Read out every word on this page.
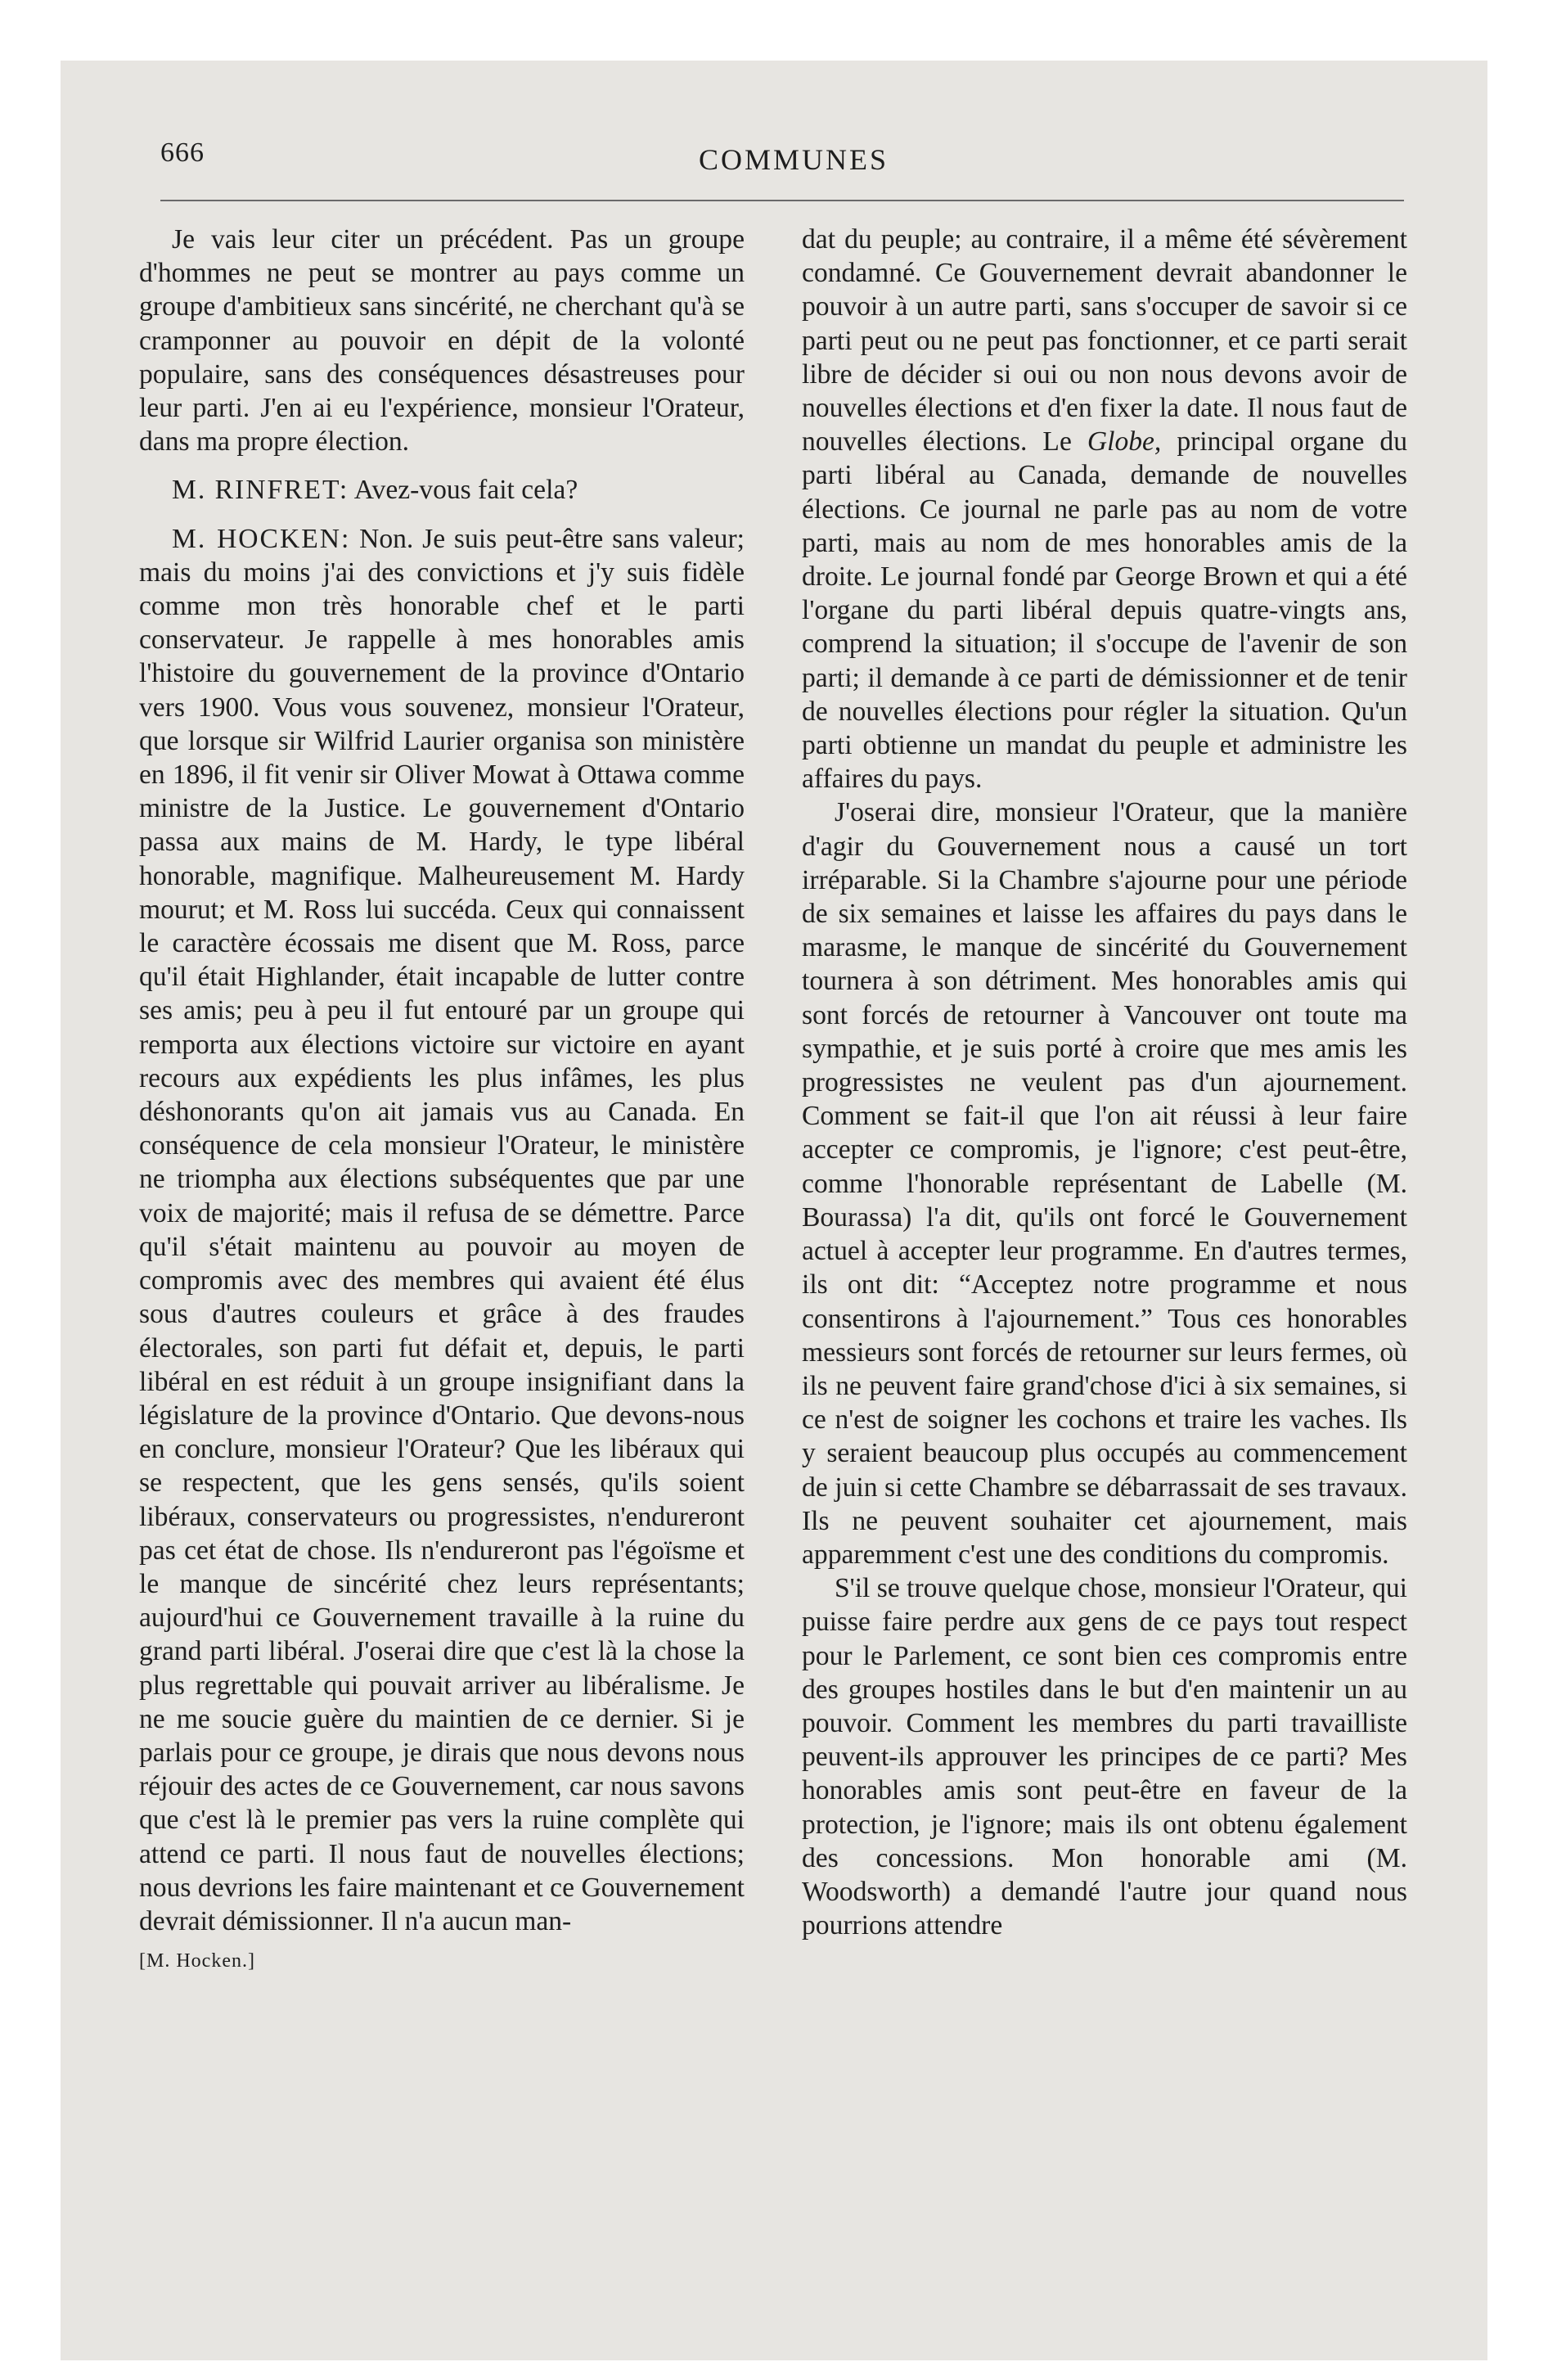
666	COMMUNES

Je vais leur citer un précédent. Pas un groupe d'hommes ne peut se montrer au pays comme un groupe d'ambitieux sans sincérité, ne cherchant qu'à se cramponner au pouvoir en dépit de la volonté populaire, sans des conséquences désastreuses pour leur parti. J'en ai eu l'expérience, monsieur l'Orateur, dans ma propre élection.

M. RINFRET: Avez-vous fait cela?

M. HOCKEN: Non. Je suis peut-être sans valeur; mais du moins j'ai des convictions et j'y suis fidèle comme mon très honorable chef et le parti conservateur. Je rappelle à mes honorables amis l'histoire du gouvernement de la province d'Ontario vers 1900. Vous vous souvenez, monsieur l'Orateur, que lorsque sir Wilfrid Laurier organisa son ministère en 1896, il fit venir sir Oliver Mowat à Ottawa comme ministre de la Justice. Le gouvernement d'Ontario passa aux mains de M. Hardy, le type libéral honorable, magnifique. Malheureusement M. Hardy mourut; et M. Ross lui succéda. Ceux qui connaissent le caractère écossais me disent que M. Ross, parce qu'il était Highlander, était incapable de lutter contre ses amis; peu à peu il fut entouré par un groupe qui remporta aux élections victoire sur victoire en ayant recours aux expédients les plus infâmes, les plus déshonorants qu'on ait jamais vus au Canada. En conséquence de cela monsieur l'Orateur, le ministère ne triompha aux élections subséquentes que par une voix de majorité; mais il refusa de se démettre. Parce qu'il s'était maintenu au pouvoir au moyen de compromis avec des membres qui avaient été élus sous d'autres couleurs et grâce à des fraudes électorales, son parti fut défait et, depuis, le parti libéral en est réduit à un groupe insignifiant dans la législature de la province d'Ontario. Que devons-nous en conclure, monsieur l'Orateur? Que les libéraux qui se respectent, que les gens sensés, qu'ils soient libéraux, conservateurs ou progressistes, n'endureront pas cet état de chose. Ils n'endureront pas l'égoïsme et le manque de sincérité chez leurs représentants; aujourd'hui ce Gouvernement travaille à la ruine du grand parti libéral. J'oserai dire que c'est là la chose la plus regrettable qui pouvait arriver au libéralisme. Je ne me soucie guère du maintien de ce dernier. Si je parlais pour ce groupe, je dirais que nous devons nous réjouir des actes de ce Gouvernement, car nous savons que c'est là le premier pas vers la ruine complète qui attend ce parti. Il nous faut de nouvelles élections; nous devrions les faire maintenant et ce Gouvernement devrait démissionner. Il n'a aucun man-

[M. Hocken.]

dat du peuple; au contraire, il a même été sévèrement condamné. Ce Gouvernement devrait abandonner le pouvoir à un autre parti, sans s'occuper de savoir si ce parti peut ou ne peut pas fonctionner, et ce parti serait libre de décider si oui ou non nous devons avoir de nouvelles élections et d'en fixer la date. Il nous faut de nouvelles élections. Le Globe, principal organe du parti libéral au Canada, demande de nouvelles élections. Ce journal ne parle pas au nom de votre parti, mais au nom de mes honorables amis de la droite. Le journal fondé par George Brown et qui a été l'organe du parti libéral depuis quatre-vingts ans, comprend la situation; il s'occupe de l'avenir de son parti; il demande à ce parti de démissionner et de tenir de nouvelles élections pour régler la situation. Qu'un parti obtienne un mandat du peuple et administre les affaires du pays.

J'oserai dire, monsieur l'Orateur, que la manière d'agir du Gouvernement nous a causé un tort irréparable. Si la Chambre s'ajourne pour une période de six semaines et laisse les affaires du pays dans le marasme, le manque de sincérité du Gouvernement tournera à son détriment. Mes honorables amis qui sont forcés de retourner à Vancouver ont toute ma sympathie, et je suis porté à croire que mes amis les progressistes ne veulent pas d'un ajournement. Comment se fait-il que l'on ait réussi à leur faire accepter ce compromis, je l'ignore; c'est peut-être, comme l'honorable représentant de Labelle (M. Bourassa) l'a dit, qu'ils ont forcé le Gouvernement actuel à accepter leur programme. En d'autres termes, ils ont dit: “Acceptez notre programme et nous consentirons à l'ajournement.” Tous ces honorables messieurs sont forcés de retourner sur leurs fermes, où ils ne peuvent faire grand'chose d'ici à six semaines, si ce n'est de soigner les cochons et traire les vaches. Ils y seraient beaucoup plus occupés au commencement de juin si cette Chambre se débarrassait de ses travaux. Ils ne peuvent souhaiter cet ajournement, mais apparemment c'est une des conditions du compromis.

S'il se trouve quelque chose, monsieur l'Orateur, qui puisse faire perdre aux gens de ce pays tout respect pour le Parlement, ce sont bien ces compromis entre des groupes hostiles dans le but d'en maintenir un au pouvoir. Comment les membres du parti travailliste peuvent-ils approuver les principes de ce parti? Mes honorables amis sont peut-être en faveur de la protection, je l'ignore; mais ils ont obtenu également des concessions. Mon honorable ami (M. Woodsworth) a demandé l'autre jour quand nous pourrions attendre
